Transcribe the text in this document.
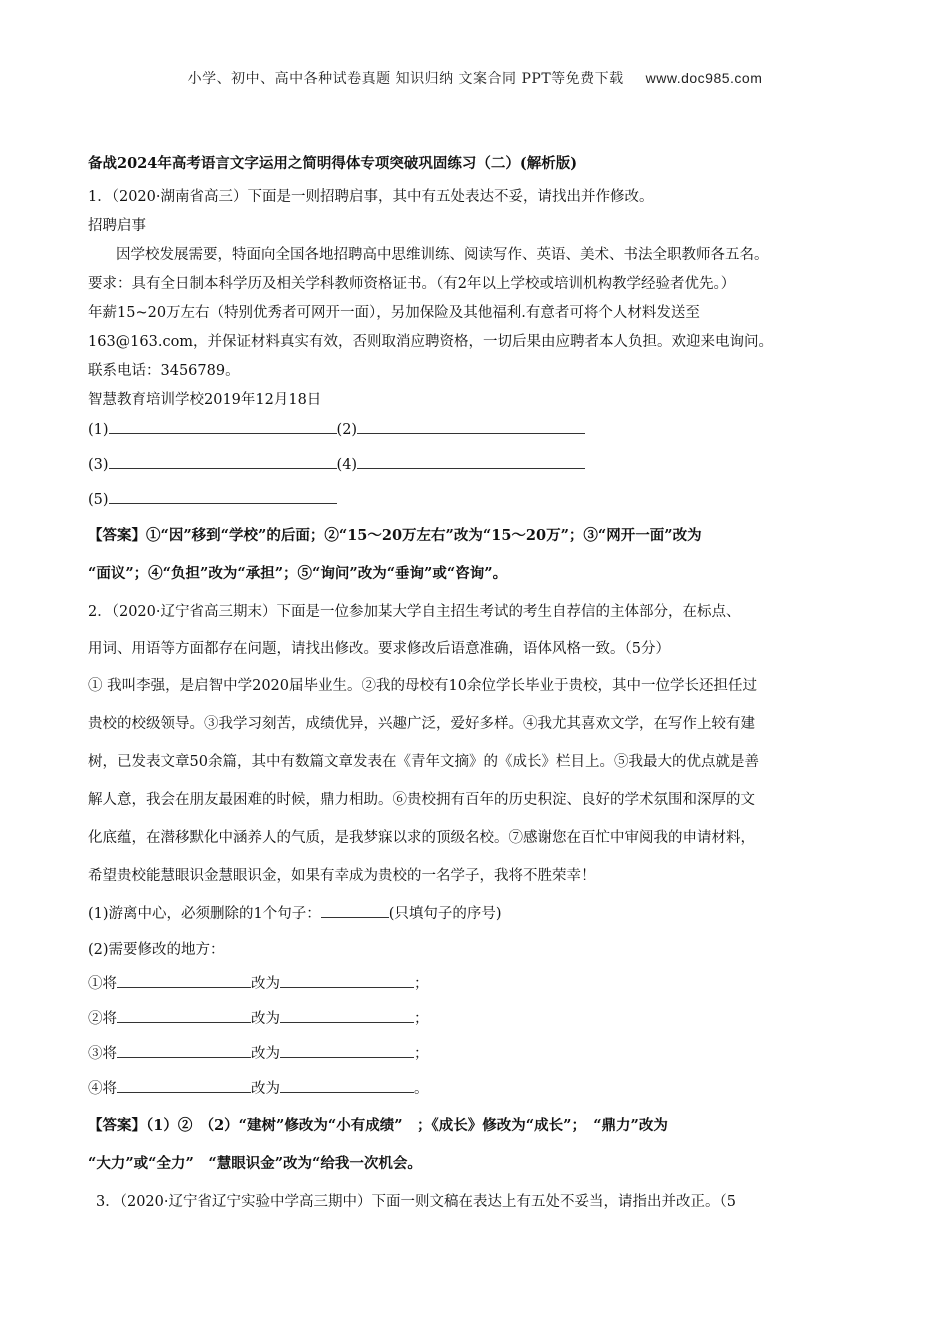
小学、初中、高中各种试卷真题 知识归纳 文案合同 PPT等免费下载 www.doc985.com
备战2024年高考语言文字运用之简明得体专项突破巩固练习（二）(解析版)
1．（2020·湖南省高三）下面是一则招聘启事，其中有五处表达不妥，请找出并作修改。
招聘启事
因学校发展需要，特面向全国各地招聘高中思维训练、阅读写作、英语、美术、书法全职教师各五名。
要求：具有全日制本科学历及相关学科教师资格证书。（有2年以上学校或培训机构教学经验者优先。）
年薪15~20万左右（特别优秀者可网开一面），另加保险及其他福利.有意者可将个人材料发送至
163@163.com，并保证材料真实有效，否则取消应聘资格，一切后果由应聘者本人负担。欢迎来电询问。
联系电话：3456789。
智慧教育培训学校2019年12月18日
(1)	(2)
(3)	(4)
(5)
【答案】①“因”移到“学校”的后面；②“15～20万左右”改为“15～20万”；③“网开一面”改为
“面议”；④“负担”改为“承担”；⑤“询问”改为“垂询”或“咨询”。
2．（2020·辽宁省高三期末）下面是一位参加某大学自主招生考试的考生自荐信的主体部分，在标点、
用词、用语等方面都存在问题，请找出修改。要求修改后语意准确，语体风格一致。（5分）
① 我叫李强，是启智中学2020届毕业生。②我的母校有10余位学长毕业于贵校，其中一位学长还担任过
贵校的校级领导。③我学习刻苦，成绩优异，兴趣广泛，爱好多样。④我尤其喜欢文学，在写作上较有建
树，已发表文章50余篇，其中有数篇文章发表在《青年文摘》的《成长》栏目上。⑤我最大的优点就是善
解人意，我会在朋友最困难的时候，鼎力相助。⑥贵校拥有百年的历史积淀、良好的学术氛围和深厚的文
化底蕴，在潜移默化中涵养人的气质，是我梦寐以求的顶级名校。⑦感谢您在百忙中审阅我的申请材料，
希望贵校能慧眼识金慧眼识金，如果有幸成为贵校的一名学子，我将不胜荣幸！
(1)游离中心，必须删除的1个句子：	(只填句子的序号)
(2)需要修改的地方：
①将	改为	；
②将	改为	；
③将	改为	；
④将	改为	。
【答案】（1）②　（2）“建树”修改为“小有成绩”　；《成长》修改为“成长”；　“鼎力”改为
“大力”或“全力”　“慧眼识金”改为“给我一次机会。
3．（2020·辽宁省辽宁实验中学高三期中）下面一则文稿在表达上有五处不妥当，请指出并改正。（5
